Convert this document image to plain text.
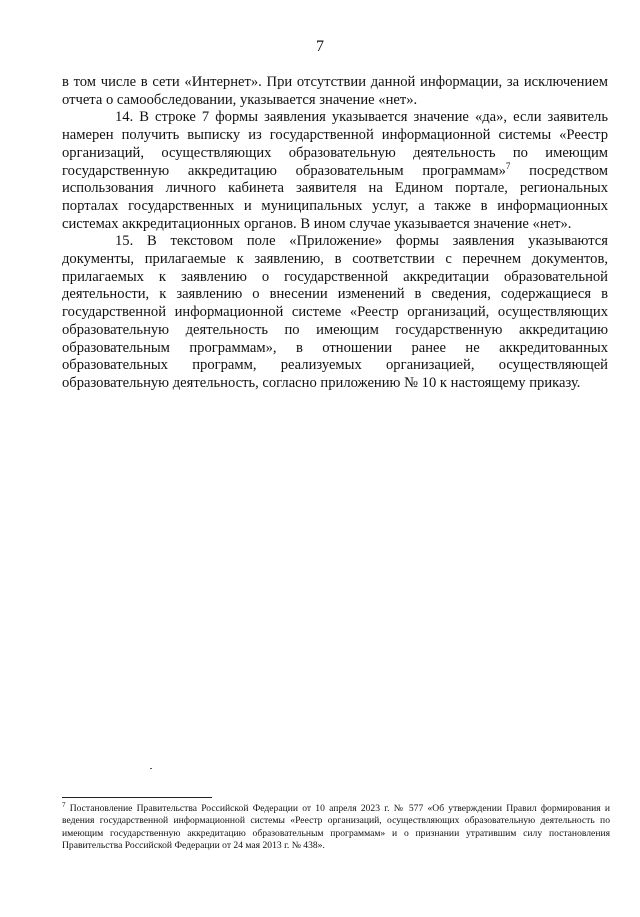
7

в том числе в сети «Интернет». При отсутствии данной информации, за исключением отчета о самообследовании, указывается значение «нет».

14. В строке 7 формы заявления указывается значение «да», если заявитель намерен получить выписку из государственной информационной системы «Реестр организаций, осуществляющих образовательную деятельность по имеющим государственную аккредитацию образовательным программам»$^7$ посредством использования личного кабинета заявителя на Едином портале, региональных порталах государственных и муниципальных услуг, а также в информационных системах аккредитационных органов. В ином случае указывается значение «нет».

15. В текстовом поле «Приложение» формы заявления указываются документы, прилагаемые к заявлению, в соответствии с перечнем документов, прилагаемых к заявлению о государственной аккредитации образовательной деятельности, к заявлению о внесении изменений в сведения, содержащиеся в государственной информационной системе «Реестр организаций, осуществляющих образовательную деятельность по имеющим государственную аккредитацию образовательным программам», в отношении ранее не аккредитованных образовательных программ, реализуемых организацией, осуществляющей образовательную деятельность, согласно приложению № 10 к настоящему приказу.

$^7$ Постановление Правительства Российской Федерации от 10 апреля 2023 г. № 577 «Об утверждении Правил формирования и ведения государственной информационной системы «Реестр организаций, осуществляющих образовательную деятельность по имеющим государственную аккредитацию образовательным программам» и о признании утратившим силу постановления Правительства Российской Федерации от 24 мая 2013 г. № 438».
